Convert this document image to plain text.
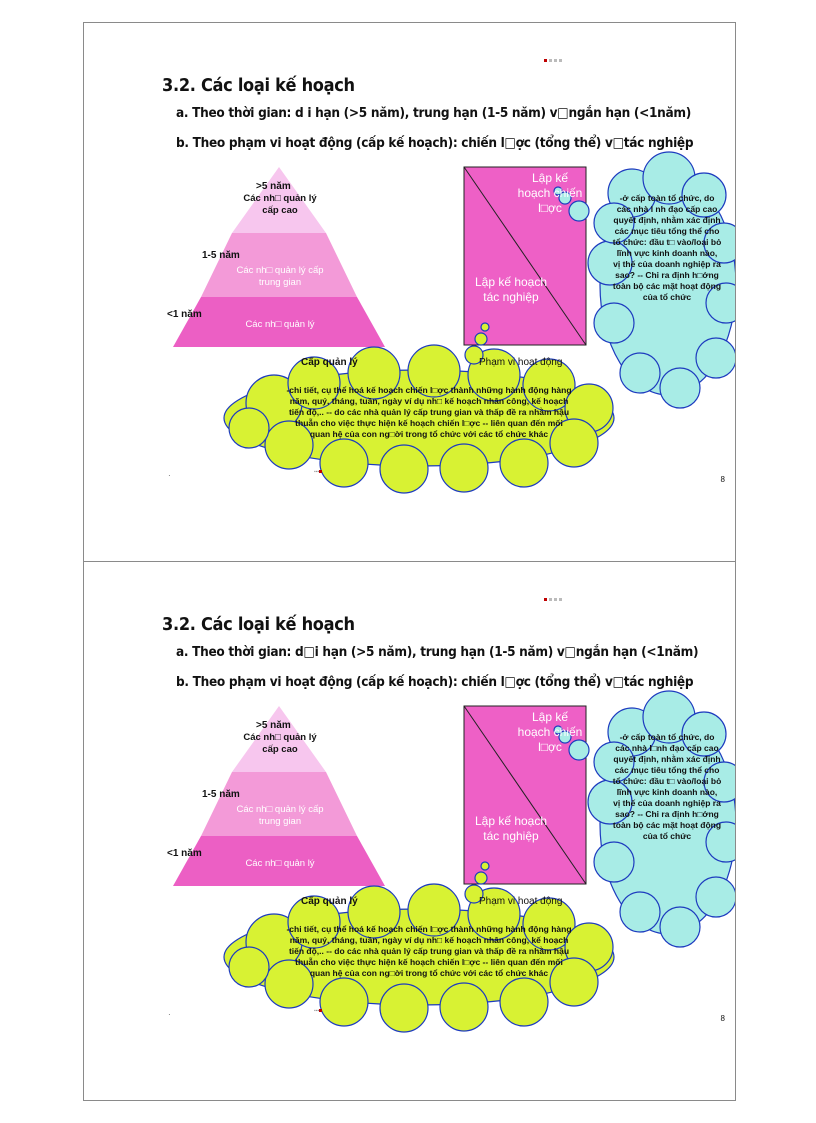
3.2. Các loại kế hoạch
a. Theo thời gian: d i hạn (>5 năm), trung hạn (1-5 năm) v□ngắn hạn (<1năm)
b. Theo phạm vi hoạt động (cấp kế hoạch): chiến l□ợc (tổng thể) v□tác nghiệp
>5 năm
1-5 năm
<1 năm
Các nh□ quản lý cấp cao
Các nh□ quản lý cấp trung gian
Các nh□ quản lý
Cấp quản lý	Phạm vi hoạt động
Lập kế hoạch chiến l□ợc
Lập kế hoạch tác nghiệp
-ở cấp toàn tổ chức, do các nhà l nh đạo cấp cao quyết định, nhằm xác định các mục tiêu tổng thể cho tổ chức: đầu t□ vào/loại bỏ lĩnh vực kinh doanh nào, vị thế của doanh nghiệp ra sao? -- Chỉ ra định h□ớng toàn bộ các mặt hoạt động của tổ chức
-chi tiết, cụ thể hoá kế hoạch chiến l□ợc thành những hành động hàng năm, quý, tháng, tuần, ngày ví dụ nh□ kế hoạch nhân công, kế hoạch tiến độ,.. -- do các nhà quản lý cấp trung gian và thấp đề ra nhằm hậu thuẫn cho việc thực hiện kế hoạch chiến l□ợc -- liên quan đến mối quan hệ của con ng□ời trong tổ chức với các tổ chức khác
·	▪▪▪
8
3.2. Các loại kế hoạch
a. Theo thời gian: d□i hạn (>5 năm), trung hạn (1-5 năm) v□ngắn hạn (<1năm)
b. Theo phạm vi hoạt động (cấp kế hoạch): chiến l□ợc (tổng thể) v□tác nghiệp
>5 năm
1-5 năm
<1 năm
Các nh□ quản lý cấp cao
Các nh□ quản lý cấp trung gian
Các nh□ quản lý
Cấp quản lý	Phạm vi hoạt động
Lập kế hoạch chiến l□ợc
Lập kế hoạch tác nghiệp
-ở cấp toàn tổ chức, do các nhà l□nh đạo cấp cao quyết định, nhằm xác định các mục tiêu tổng thể cho tổ chức: đầu t□ vào/loại bỏ lĩnh vực kinh doanh nào, vị thế của doanh nghiệp ra sao? -- Chỉ ra định h□ớng toàn bộ các mặt hoạt động của tổ chức
-chi tiết, cụ thể hoá kế hoạch chiến l□ợc thành những hành động hàng năm, quý, tháng, tuần, ngày ví dụ nh□ kế hoạch nhân công, kế hoạch tiến độ,.. -- do các nhà quản lý cấp trung gian và thấp đề ra nhằm hậu thuẫn cho việc thực hiện kế hoạch chiến l□ợc -- liên quan đến mối quan hệ của con ng□ời trong tổ chức với các tổ chức khác
·	▪▪▪
8
